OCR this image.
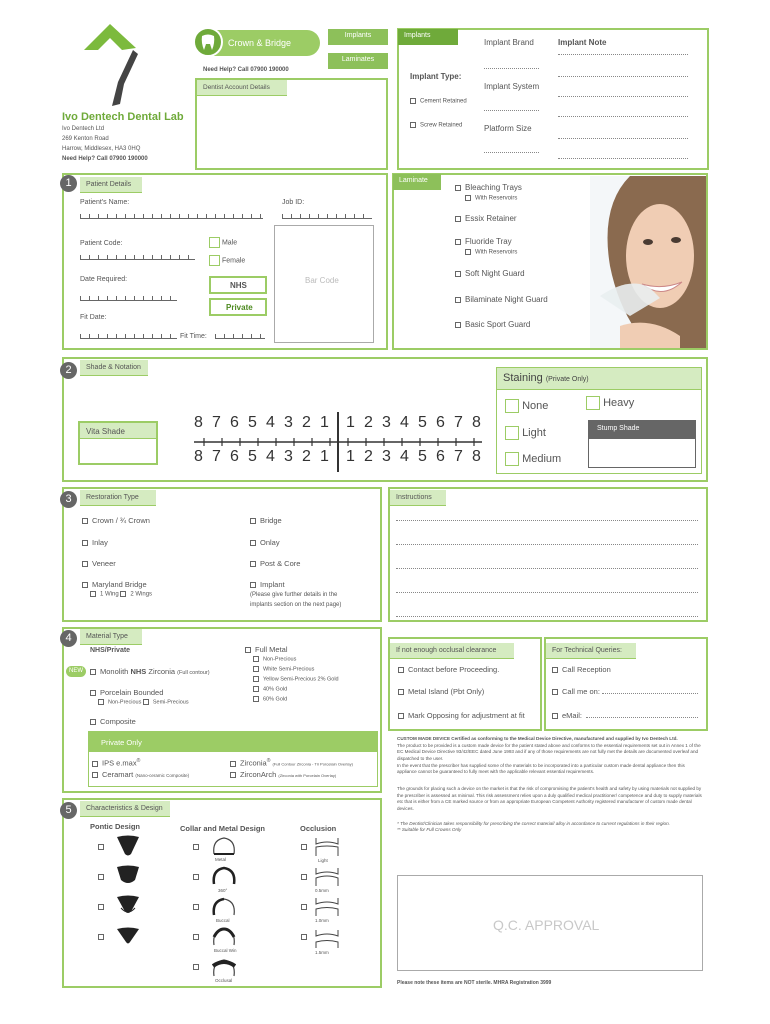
Ivo Dentech Dental Lab
Ivo Dentech Ltd
269 Kenton Road
Harrow, Middlesex, HA3 0HQ
Need Help? Call 07900 190000
Crown & Bridge
Implants
Laminates
Need Help? Call 07900 190000
Dentist Account Details
Implants
Implant Type:
Cement Retained
Screw Retained
Implant Brand
Implant System
Platform Size
Implant Note
1	Patient Details
Patient's Name:	Job ID:
Patient Code:	Male
Female
Date Required:
NHS
Private
Fit Date:
Fit Time:
Bar Code
Laminate
Bleaching Trays
With Reservoirs
Essix Retainer
Fluoride Tray
With Reservoirs
Soft Night Guard
Bilaminate Night Guard
Basic Sport Guard
2	Shade & Notation
Vita Shade
8 7 6 5 4 3 2 1 1 2 3 4 5 6 7 8
8 7 6 5 4 3 2 1 1 2 3 4 5 6 7 8
Staining (Private Only)
None	Heavy
Light
Medium
Stump Shade
3	Restoration Type
Crown / ¾ Crown
Inlay
Veneer
Maryland Bridge
1 Wing 2 Wings
Bridge
Onlay
Post & Core
Implant
(Please give further details in the
implants section on the next page)
Instructions
4	Material Type
NHS/Private
NEW	Monolith NHS Zirconia (Full contour)
Porcelain Bounded
Non-Precious Semi-Precious
Composite
Full Metal
Non-Precious
White Semi-Precious
Yellow Semi-Precious 2% Gold
40% Gold
60% Gold
Private Only
IPS e.max®
Ceramart (Nano-ceramic Composite)
Zirconia® (Full Contour Zirconia - Tri Porcelain Overlay)
ZirconArch (Zirconia with Porcelain Overlay)
If not enough occlusal clearance
Contact before Proceeding.
Metal Island (Pbt Only)
Mark Opposing for adjustment at fit
For Technical Queries:
Call Reception
Call me on:
eMail:

CUSTOM MADE DEVICE Certified as conforming to the Medical Device Directive, manufactured and supplied by Ivo Dentech Ltd.

The product to be provided is a custom made device for the patient stated above and conforms to the essential requirements set out in Annex 1 of the EC Medical Device Directive 93/42/EEC dated June 1993 and if any of those requirements are not fully met the details are documented overleaf and dispatched to the user.

In the event that the prescriber has supplied some of the materials to be incorporated into a particular custom made dental appliance then this appliance cannot be guaranteed to fully meet with the applicable relevant essential requirements.

The grounds for placing such a device on the market is that the risk of compromising the patient's health and safety by using materials not supplied by the prescriber is assessed as minimal. This risk assessment relies upon a duly qualified medical practitioner/ competence and duty to supply materials etc that is either from a CE marked source or from an appropriate European Competent Authority registered manufacturer of custom made dental devices.

* The Dentist/Clinician takes responsibility for prescribing the correct material/ alloy in accordance to current regulations in their region.

** Suitable for Full Crowns Only

Q.C. APPROVAL
Please note these items are NOT sterile. MHRA Registration 3999
5	Characteristics & Design
Pontic Design	Collar and Metal Design	Occlusion
Metal
360°
Buccal
Buccal Win
Occlusal
Light
0.5mm
1.0mm
1.5mm
